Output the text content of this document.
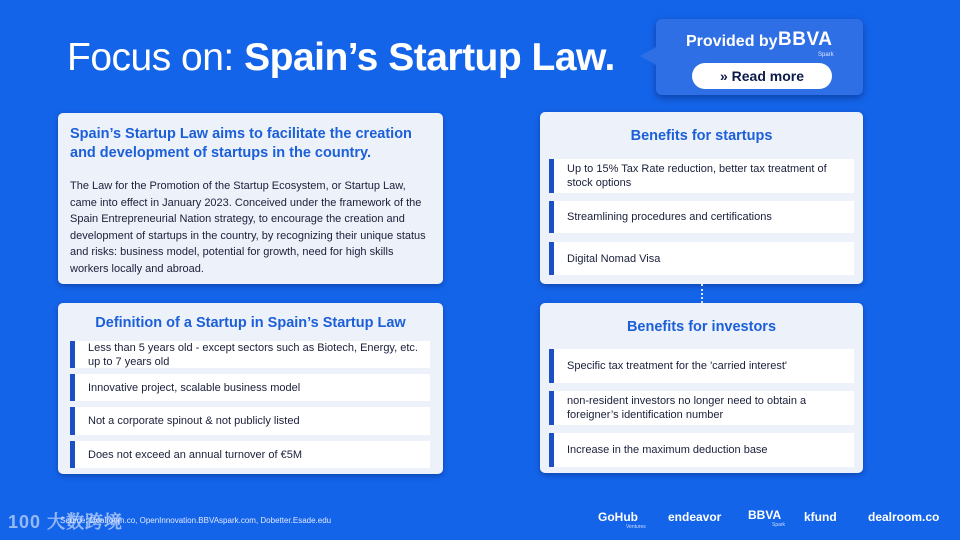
Focus on: Spain’s Startup Law.	Provided by BBVA
Spark
» Read more
Spain’s Startup Law aims to facilitate the creation and development of startups in the country.
The Law for the Promotion of the Startup Ecosystem, or Startup Law, came into effect in January 2023. Conceived under the framework of the Spain Entrepreneurial Nation strategy, to encourage the creation and development of startups in the country, by recognizing their unique status and risks: business model, potential for growth, need for high skills workers locally and abroad.
Definition of a Startup in Spain’s Startup Law
Less than 5 years old - except sectors such as Biotech, Energy, etc. up to 7 years old
Innovative project, scalable business model
Not a corporate spinout & not publicly listed
Does not exceed an annual turnover of €5M
Benefits for startups
Up to 15% Tax Rate reduction, better tax treatment of stock options
Streamlining procedures and certifications
Digital Nomad Visa
Benefits for investors
Specific tax treatment for the 'carried interest'
non-resident investors no longer need to obtain a foreigner’s identification number
Increase in the maximum deduction base
100 大数跨境
Source: Dealroom.co, OpenInnovation.BBVAspark.com, Dobetter.Esade.edu	GoHub
Ventures
endeavor BBVA
Spark
kfund	dealroom.co
